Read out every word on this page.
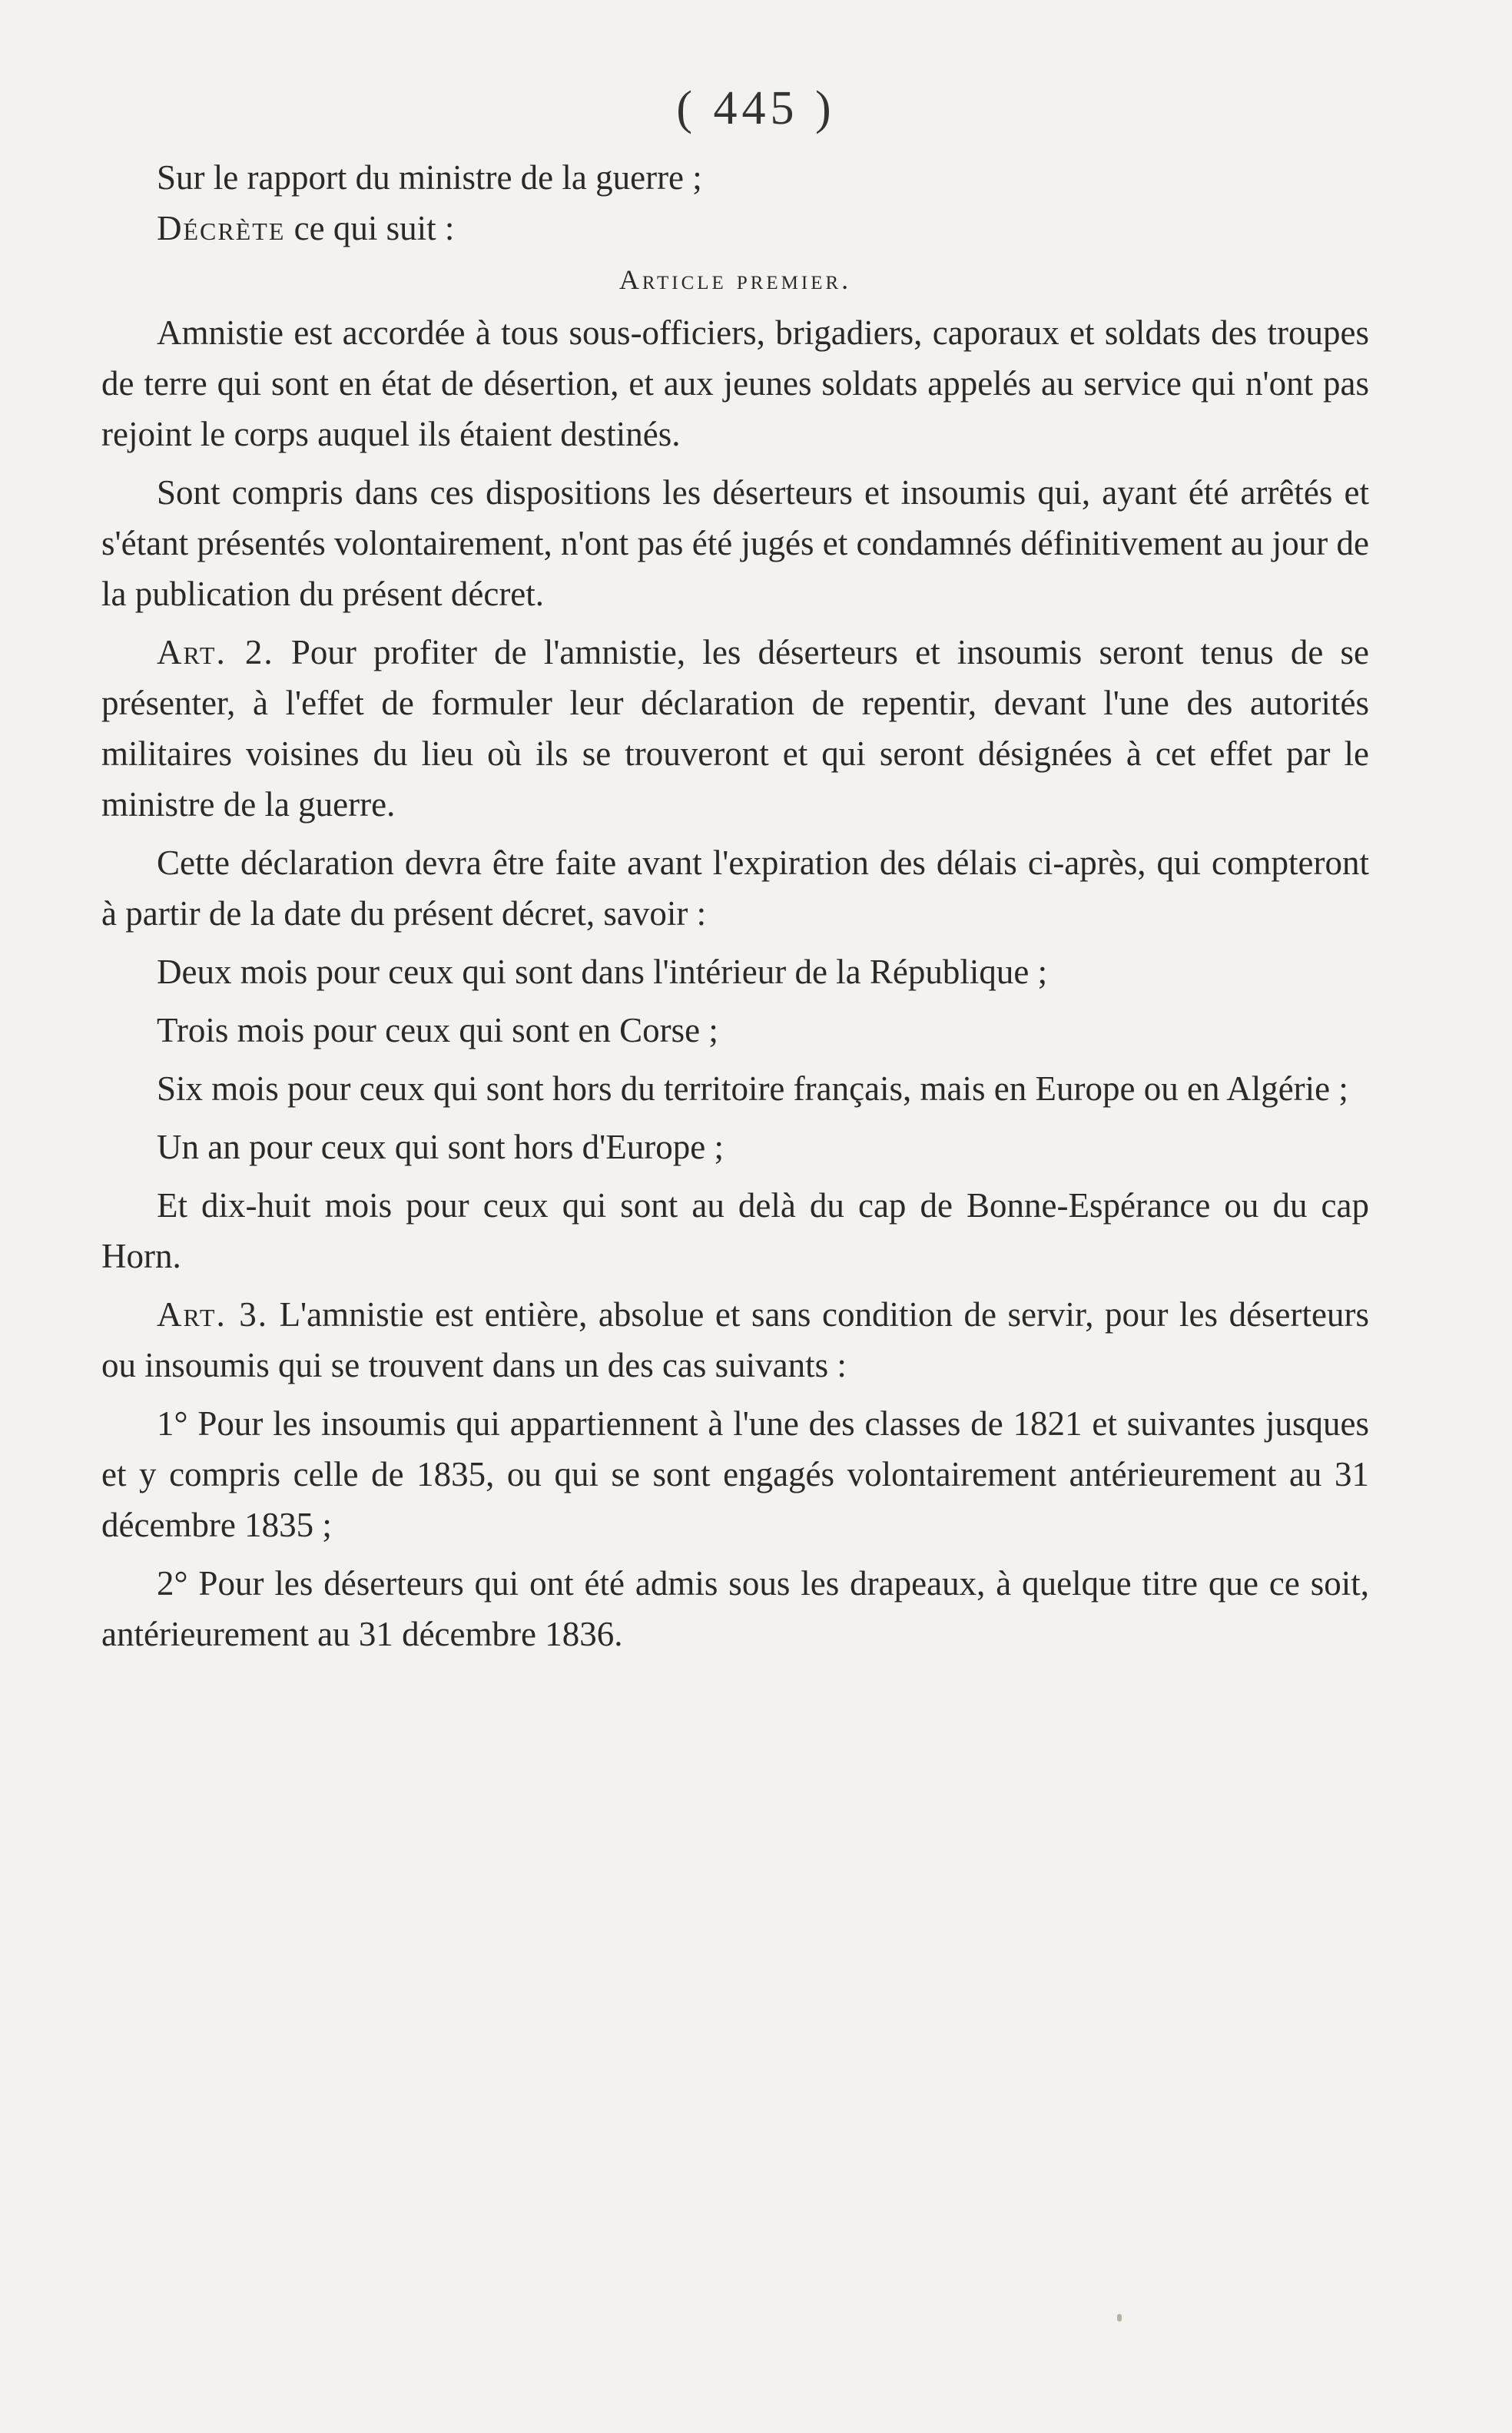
( 445 )

Sur le rapport du ministre de la guerre ;

Décrète ce qui suit :

Article premier.

Amnistie est accordée à tous sous-officiers, brigadiers, caporaux et soldats des troupes de terre qui sont en état de désertion, et aux jeunes soldats appelés au service qui n'ont pas rejoint le corps auquel ils étaient destinés.

Sont compris dans ces dispositions les déserteurs et insoumis qui, ayant été arrêtés et s'étant présentés volontairement, n'ont pas été jugés et condamnés définitivement au jour de la publication du présent décret.

Art. 2. Pour profiter de l'amnistie, les déserteurs et insoumis seront tenus de se présenter, à l'effet de formuler leur déclaration de repentir, devant l'une des autorités militaires voisines du lieu où ils se trouveront et qui seront désignées à cet effet par le ministre de la guerre.

Cette déclaration devra être faite avant l'expiration des délais ci-après, qui compteront à partir de la date du présent décret, savoir :

Deux mois pour ceux qui sont dans l'intérieur de la République ;

Trois mois pour ceux qui sont en Corse ;

Six mois pour ceux qui sont hors du territoire français, mais en Europe ou en Algérie ;

Un an pour ceux qui sont hors d'Europe ;

Et dix-huit mois pour ceux qui sont au delà du cap de Bonne-Espérance ou du cap Horn.

Art. 3. L'amnistie est entière, absolue et sans condition de servir, pour les déserteurs ou insoumis qui se trouvent dans un des cas suivants :

1° Pour les insoumis qui appartiennent à l'une des classes de 1821 et suivantes jusques et y compris celle de 1835, ou qui se sont engagés volontairement antérieurement au 31 décembre 1835 ;

2° Pour les déserteurs qui ont été admis sous les drapeaux, à quelque titre que ce soit, antérieurement au 31 décembre 1836.
